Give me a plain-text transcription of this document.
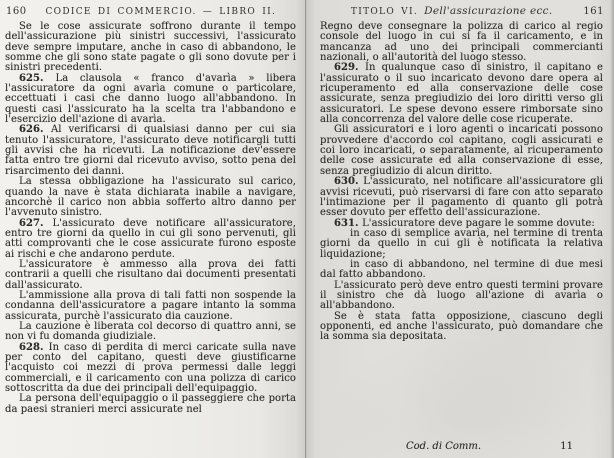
160	CODICE DI COMMERCIO. — LIBRO II.

Se le cose assicurate soffrono durante il tempo dell'assicurazione più sinistri successivi, l'assicurato deve sempre imputare, anche in caso di abbandono, le somme che gli sono state pagate o gli sono dovute per i sinistri precedenti.

625. La clausola « franco d'avarìa » libera l'assicuratore da ogni avarìa comune o particolare, eccettuati i casi che danno luogo all'abbandono. In questi casi l'assicurato ha la scelta tra l'abbandono e l'esercizio dell'azione di avarìa.

626. Al verificarsi di qualsiasi danno per cui sia tenuto l'assicuratore, l'assicurato deve notificargli tutti gli avvisi che ha ricevuti. La notificazione dev'essere fatta entro tre giorni dal ricevuto avviso, sotto pena del risarcimento dei danni.

La stessa obbligazione ha l'assicurato sul carico, quando la nave è stata dichiarata inabile a navigare, ancorchè il carico non abbia sofferto altro danno per l'avvenuto sinistro.

627. L'assicurato deve notificare all'assicuratore, entro tre giorni da quello in cui gli sono pervenuti, gli atti comprovanti che le cose assicurate furono esposte ai rischi e che andarono perdute.

L'assicuratore è ammesso alla prova dei fatti contrarii a quelli che risultano dai documenti presentati dall'assicurato.

L'ammissione alla prova di tali fatti non sospende la condanna dell'assicuratore a pagare intanto la somma assicurata, purchè l'assicurato dia cauzione.

La cauzione è liberata col decorso di quattro anni, se non vi fu domanda giudiziale.

628. In caso di perdita di merci caricate sulla nave per conto del capitano, questi deve giustificarne l'acquisto coi mezzi di prova permessi dalle leggi commerciali, e il caricamento con una polizza di carico sottoscritta da due dei principali dell'equipaggio.

La persona dell'equipaggio o il passeggiere che porta da paesi stranieri merci assicurate nel

TITOLO VI. Dell'assicurazione ecc.	161

Regno deve consegnare la polizza di carico al regio console del luogo in cui si fa il caricamento, e in mancanza ad uno dei principali commercianti nazionali, o all'autorità del luogo stesso.

629. In qualunque caso di sinistro, il capitano e l'assicurato o il suo incaricato devono dare opera al ricuperamento ed alla conservazione delle cose assicurate, senza pregiudizio dei loro diritti verso gli assicuratori. Le spese devono essere rimborsate sino alla concorrenza del valore delle cose ricuperate.

Gli assicuratori e i loro agenti o incaricati possono provvedere d'accordo col capitano, cogli assicurati e coi loro incaricati, o separatamente, al ricuperamento delle cose assicurate ed alla conservazione di esse, senza pregiudizio di alcun diritto.

630. L'assicurato, nel notificare all'assicuratore gli avvisi ricevuti, può riservarsi di fare con atto separato l'intimazione per il pagamento di quanto gli potrà esser dovuto per effetto dell'assicurazione.

631. L'assicuratore deve pagare le somme dovute:

in caso di semplice avarìa, nel termine di trenta giorni da quello in cui gli è notificata la relativa liquidazione;

in caso di abbandono, nel termine di due mesi dal fatto abbandono.

L'assicurato però deve entro questi termini provare il sinistro che dà luogo all'azione di avarìa o all'abbandono.

Se è stata fatta opposizione, ciascuno degli opponenti, ed anche l'assicurato, può domandare che la somma sia depositata.

Cod. di Comm.	11
